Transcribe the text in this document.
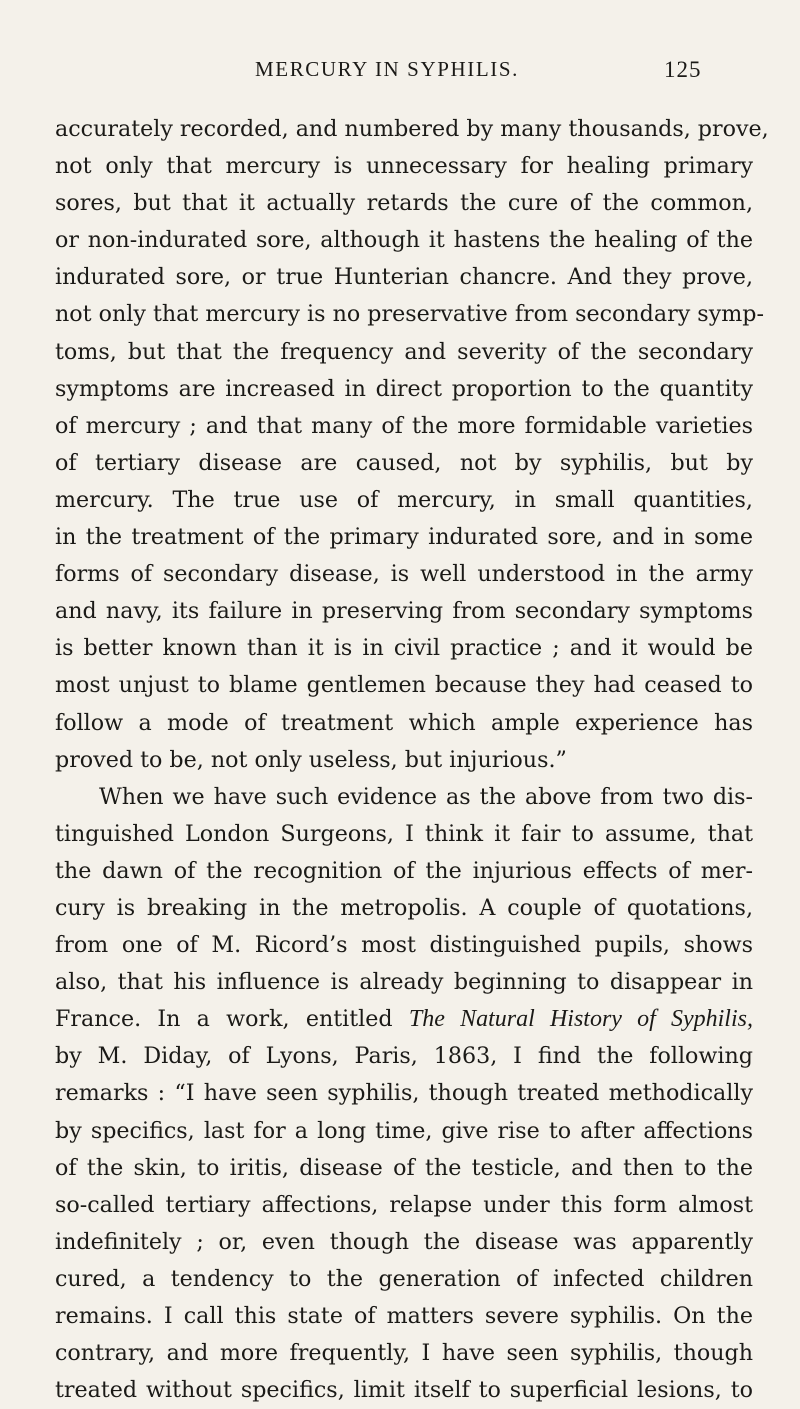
MERCURY IN SYPHILIS.	125
accurately recorded, and numbered by many thousands, prove,
not only that mercury is unnecessary for healing primary
sores, but that it actually retards the cure of the common,
or non-indurated sore, although it hastens the healing of the
indurated sore, or true Hunterian chancre. And they prove,
not only that mercury is no preservative from secondary symp-
toms, but that the frequency and severity of the secondary
symptoms are increased in direct proportion to the quantity
of mercury ; and that many of the more formidable varieties
of tertiary disease are caused, not by syphilis, but by
mercury. The true use of mercury, in small quantities,
in the treatment of the primary indurated sore, and in some
forms of secondary disease, is well understood in the army
and navy, its failure in preserving from secondary symptoms
is better known than it is in civil practice ; and it would be
most unjust to blame gentlemen because they had ceased to
follow a mode of treatment which ample experience has
proved to be, not only useless, but injurious.”
When we have such evidence as the above from two dis-
tinguished London Surgeons, I think it fair to assume, that
the dawn of the recognition of the injurious effects of mer-
cury is breaking in the metropolis. A couple of quotations,
from one of M. Ricord’s most distinguished pupils, shows
also, that his influence is already beginning to disappear in
France. In a work, entitled The Natural History of Syphilis,
by M. Diday, of Lyons, Paris, 1863, I find the following
remarks : “I have seen syphilis, though treated methodically
by specifics, last for a long time, give rise to after affections
of the skin, to iritis, disease of the testicle, and then to the
so-called tertiary affections, relapse under this form almost
indefinitely ; or, even though the disease was apparently
cured, a tendency to the generation of infected children
remains. I call this state of matters severe syphilis. On the
contrary, and more frequently, I have seen syphilis, though
treated without specifics, limit itself to superficial lesions, to
